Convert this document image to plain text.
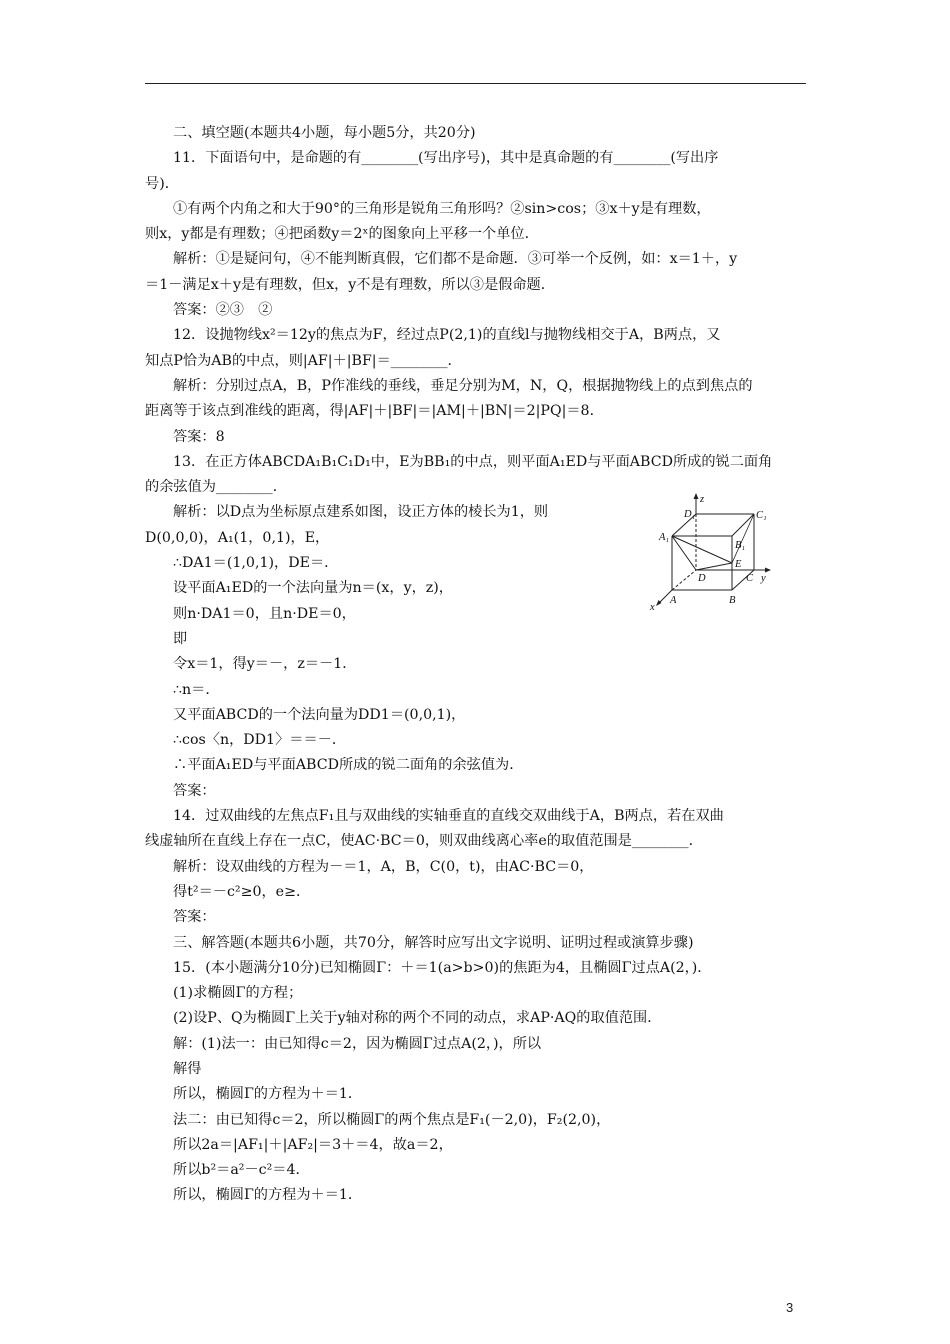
二、填空题(本题共4小题，每小题5分，共20分)
11．下面语句中，是命题的有________(写出序号)，其中是真命题的有________(写出序
号)．
①有两个内角之和大于90°的三角形是锐角三角形吗？②sin>cos；③x＋y是有理数，
则x，y都是有理数；④把函数y＝2ˣ的图象向上平移一个单位．
解析：①是疑问句，④不能判断真假，它们都不是命题．③可举一个反例，如：x＝1＋，y
＝1－满足x＋y是有理数，但x，y不是有理数，所以③是假命题．
答案：②③　②
12．设抛物线x²＝12y的焦点为F，经过点P(2,1)的直线l与抛物线相交于A，B两点，又
知点P恰为AB的中点，则|AF|＋|BF|＝________．
解析：分别过点A，B，P作准线的垂线，垂足分别为M，N，Q，根据抛物线上的点到焦点的
距离等于该点到准线的距离，得|AF|＋|BF|＝|AM|＋|BN|＝2|PQ|＝8．
答案：8
13．在正方体ABCDA₁B₁C₁D₁中，E为BB₁的中点，则平面A₁ED与平面ABCD所成的锐二面角
的余弦值为________．
解析：以D点为坐标原点建系如图，设正方体的棱长为1，则
D(0,0,0)，A₁(1，0,1)，E，
∴DA1＝(1,0,1)，DE＝．
设平面A₁ED的一个法向量为n＝(x，y，z)，
则n·DA1＝0，且n·DE＝0，
即
令x＝1，得y＝－，z＝－1．
∴n＝．
又平面ABCD的一个法向量为DD1＝(0,0,1)，
∴cos〈n，DD1〉＝＝－．
∴平面A₁ED与平面ABCD所成的锐二面角的余弦值为．
答案：
14．过双曲线的左焦点F₁且与双曲线的实轴垂直的直线交双曲线于A，B两点，若在双曲
线虚轴所在直线上存在一点C，使AC·BC＝0，则双曲线离心率e的取值范围是________．
解析：设双曲线的方程为－＝1，A，B，C(0，t)，由AC·BC＝0，
得t²＝－c²≥0，e≥．
答案：
三、解答题(本题共6小题，共70分，解答时应写出文字说明、证明过程或演算步骤)
15．(本小题满分10分)已知椭圆Γ：＋＝1(a>b>0)的焦距为4，且椭圆Γ过点A(2，)．
(1)求椭圆Γ的方程；
(2)设P、Q为椭圆Γ上关于y轴对称的两个不同的动点，求AP·AQ的取值范围．
解：(1)法一：由已知得c＝2，因为椭圆Γ过点A(2，)，所以
解得
所以，椭圆Γ的方程为＋＝1．
法二：由已知得c＝2，所以椭圆Γ的两个焦点是F₁(－2,0)，F₂(2,0)，
所以2a＝|AF₁|＋|AF₂|＝3＋＝4，故a＝2，
所以b²＝a²－c²＝4．
所以，椭圆Γ的方程为＋＝1．
D₁
z
C₁
A₁
B₁
E
D	C y
A	B
x
3
